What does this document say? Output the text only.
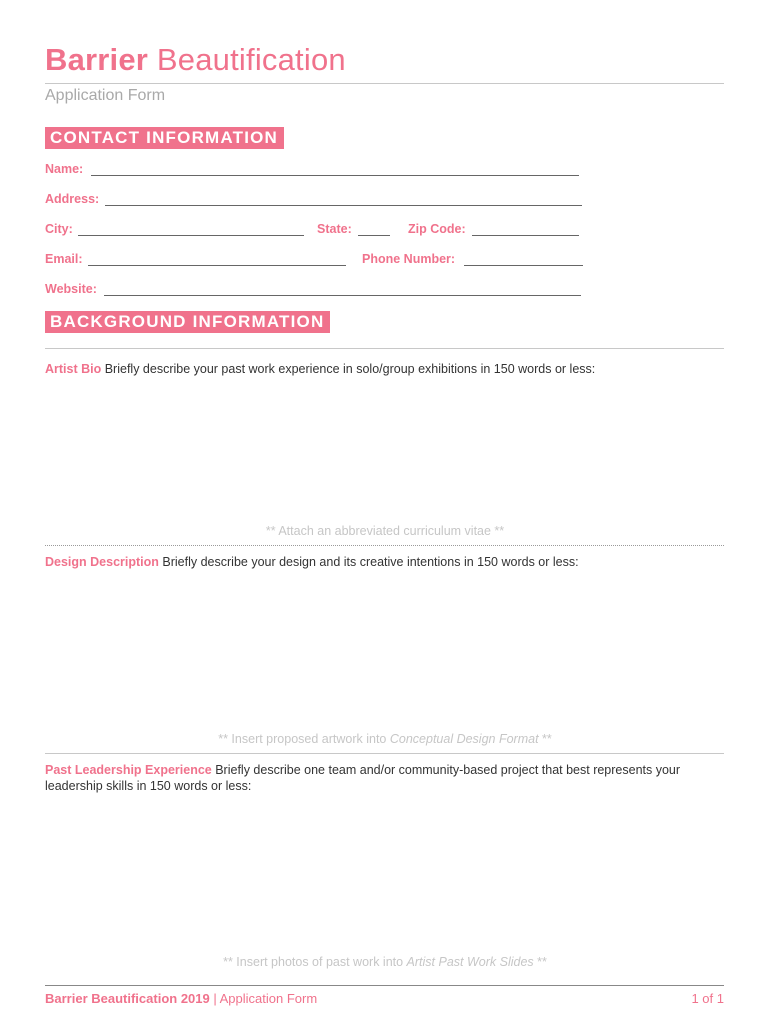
Barrier Beautification
Application Form
CONTACT INFORMATION
Name:
Address:
City:	State:	Zip Code:
Email:	Phone Number:
Website:
BACKGROUND INFORMATION
Artist Bio Briefly describe your past work experience in solo/group exhibitions in 150 words or less:
** Attach an abbreviated curriculum vitae **
Design Description Briefly describe your design and its creative intentions in 150 words or less:
** Insert proposed artwork into Conceptual Design Format **
Past Leadership Experience Briefly describe one team and/or community-based project that best represents your leadership skills in 150 words or less:
** Insert photos of past work into Artist Past Work Slides **
Barrier Beautification 2019 | Application Form	1 of 1
